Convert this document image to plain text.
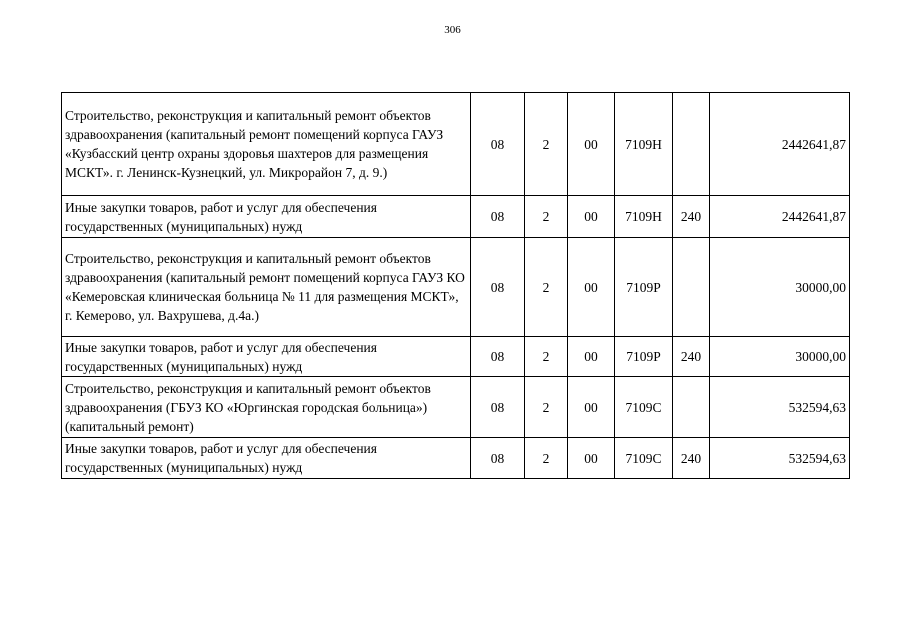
306
Строительство, реконструкция и капитальный ремонт объектов здравоохранения (капитальный ремонт помещений корпуса ГАУЗ «Кузбасский центр охраны здоровья шахтеров для размещения МСКТ». г. Ленинск-Кузнецкий, ул. Микрорайон 7, д. 9.)	08	2	00	7109Н		2442641,87
Иные закупки товаров, работ и услуг для обеспечения государственных (муниципальных) нужд	08	2	00	7109Н	240	2442641,87
Строительство, реконструкция и капитальный ремонт объектов здравоохранения (капитальный ремонт помещений корпуса ГАУЗ КО «Кемеровская клиническая больница № 11 для размещения МСКТ», г. Кемерово, ул. Вахрушева, д.4а.)	08	2	00	7109Р		30000,00
Иные закупки товаров, работ и услуг для обеспечения государственных (муниципальных) нужд	08	2	00	7109Р	240	30000,00
Строительство, реконструкция и капитальный ремонт объектов здравоохранения (ГБУЗ КО «Юргинская городская больница») (капитальный ремонт)	08	2	00	7109С		532594,63
Иные закупки товаров, работ и услуг для обеспечения государственных (муниципальных) нужд	08	2	00	7109С	240	532594,63
